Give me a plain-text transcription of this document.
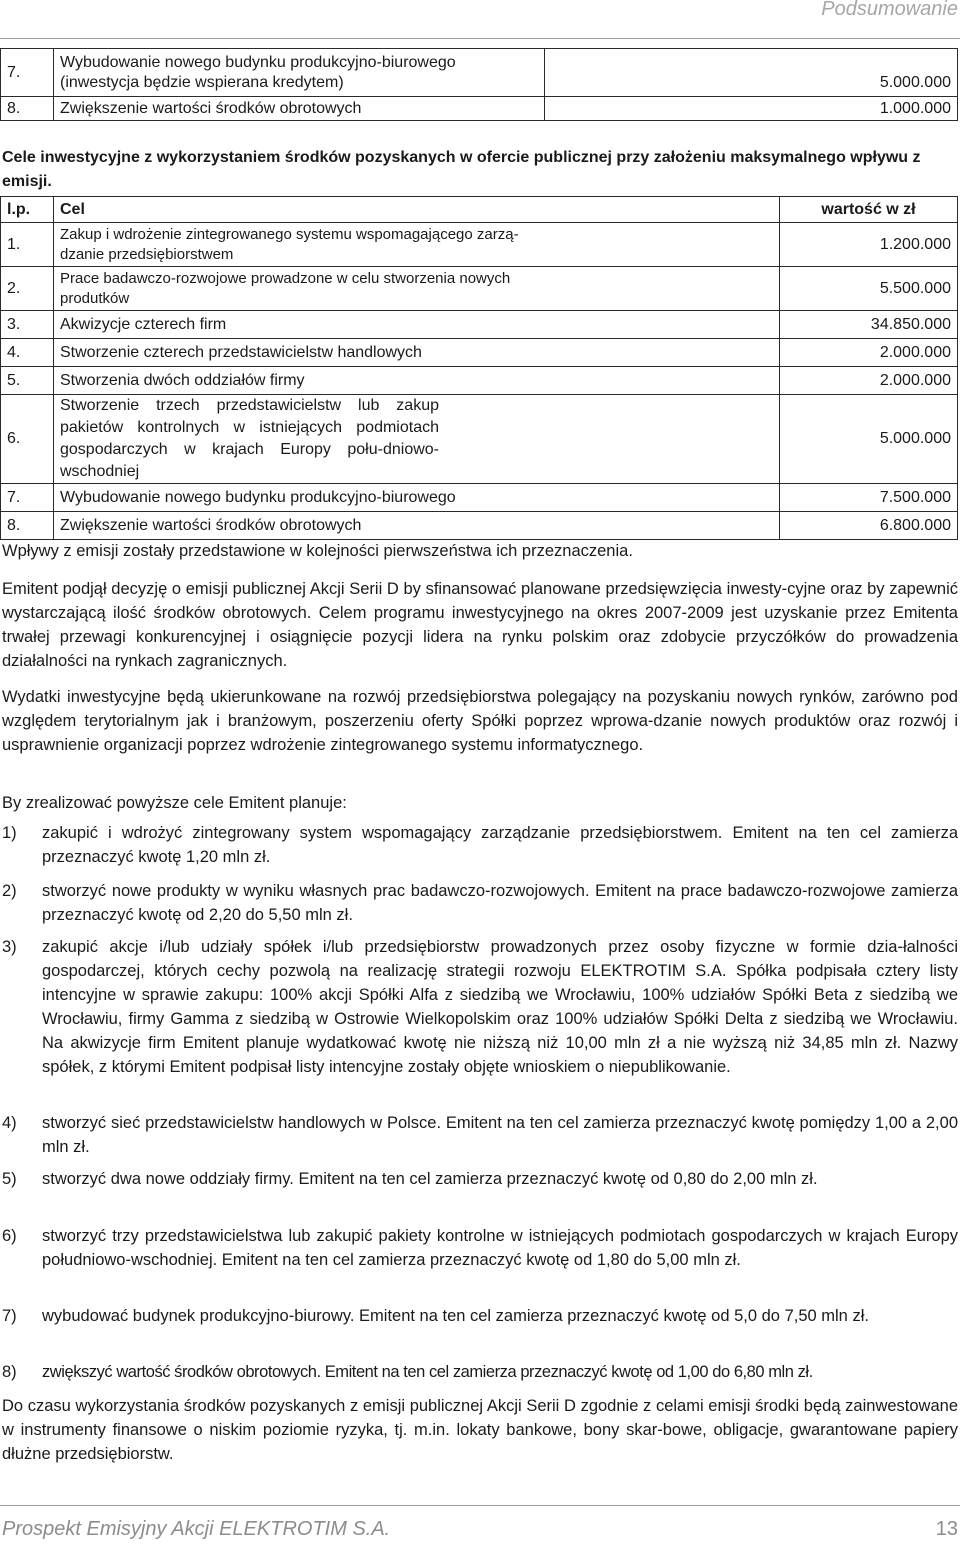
Podsumowanie
7.	Wybudowanie nowego budynku produkcyjno-biurowego
(inwestycja będzie wspierana kredytem)	5.000.000
8.	Zwiększenie wartości środków obrotowych	1.000.000
Cele inwestycyjne z wykorzystaniem środków pozyskanych w ofercie publicznej przy założeniu maksymalnego wpływu z emisji.
l.p.	Cel	wartość w zł
1.	Zakup i wdrożenie zintegrowanego systemu wspomagającego zarzą-
dzanie przedsiębiorstwem	1.200.000
2.	Prace badawczo-rozwojowe prowadzone w celu stworzenia nowych
produtków	5.500.000
3.	Akwizycje czterech firm	34.850.000
4.	Stworzenie czterech przedstawicielstw handlowych	2.000.000
5.	Stworzenia dwóch oddziałów firmy	2.000.000
6.	Stworzenie trzech przedstawicielstw lub zakup pakietów kontrolnych w istniejących podmiotach gospodarczych w krajach Europy połu-dniowo-wschodniej	5.000.000
7.	Wybudowanie nowego budynku produkcyjno-biurowego	7.500.000
8.	Zwiększenie wartości środków obrotowych	6.800.000
Wpływy z emisji zostały przedstawione w kolejności pierwszeństwa ich przeznaczenia.
Emitent podjął decyzję o emisji publicznej Akcji Serii D by sfinansować planowane przedsięwzięcia inwesty-cyjne oraz by zapewnić wystarczającą ilość środków obrotowych. Celem programu inwestycyjnego na okres 2007-2009 jest uzyskanie przez Emitenta trwałej przewagi konkurencyjnej i osiągnięcie pozycji lidera na rynku polskim oraz zdobycie przyczółków do prowadzenia działalności na rynkach zagranicznych.
Wydatki inwestycyjne będą ukierunkowane na rozwój przedsiębiorstwa polegający na pozyskaniu nowych rynków, zarówno pod względem terytorialnym jak i branżowym, poszerzeniu oferty Spółki poprzez wprowa-dzanie nowych produktów oraz rozwój i usprawnienie organizacji poprzez wdrożenie zintegrowanego systemu informatycznego.
By zrealizować powyższe cele Emitent planuje:
1) zakupić i wdrożyć zintegrowany system wspomagający zarządzanie przedsiębiorstwem. Emitent na ten cel zamierza przeznaczyć kwotę 1,20 mln zł.
2) stworzyć nowe produkty w wyniku własnych prac badawczo-rozwojowych. Emitent na prace badawczo-rozwojowe zamierza przeznaczyć kwotę od 2,20 do 5,50 mln zł.
3) zakupić akcje i/lub udziały spółek i/lub przedsiębiorstw prowadzonych przez osoby fizyczne w formie dzia-łalności gospodarczej, których cechy pozwolą na realizację strategii rozwoju ELEKTROTIM S.A. Spółka podpisała cztery listy intencyjne w sprawie zakupu: 100% akcji Spółki Alfa z siedzibą we Wrocławiu, 100% udziałów Spółki Beta z siedzibą we Wrocławiu, firmy Gamma z siedzibą w Ostrowie Wielkopolskim oraz 100% udziałów Spółki Delta z siedzibą we Wrocławiu. Na akwizycje firm Emitent planuje wydatkować kwotę nie niższą niż 10,00 mln zł a nie wyższą niż 34,85 mln zł. Nazwy spółek, z którymi Emitent podpisał listy intencyjne zostały objęte wnioskiem o niepublikowanie.
4) stworzyć sieć przedstawicielstw handlowych w Polsce. Emitent na ten cel zamierza przeznaczyć kwotę pomiędzy 1,00 a 2,00 mln zł.
5) stworzyć dwa nowe oddziały firmy. Emitent na ten cel zamierza przeznaczyć kwotę od 0,80 do 2,00 mln zł.
6) stworzyć trzy przedstawicielstwa lub zakupić pakiety kontrolne w istniejących podmiotach gospodarczych w krajach Europy południowo-wschodniej. Emitent na ten cel zamierza przeznaczyć kwotę od 1,80 do 5,00 mln zł.
7) wybudować budynek produkcyjno-biurowy. Emitent na ten cel zamierza przeznaczyć kwotę od 5,0 do 7,50 mln zł.
8) zwiększyć wartość środków obrotowych. Emitent na ten cel zamierza przeznaczyć kwotę od 1,00 do 6,80 mln zł.
Do czasu wykorzystania środków pozyskanych z emisji publicznej Akcji Serii D zgodnie z celami emisji środki będą zainwestowane w instrumenty finansowe o niskim poziomie ryzyka, tj. m.in. lokaty bankowe, bony skar-bowe, obligacje, gwarantowane papiery dłużne przedsiębiorstw.
Prospekt Emisyjny Akcji ELEKTROTIM S.A.	13
